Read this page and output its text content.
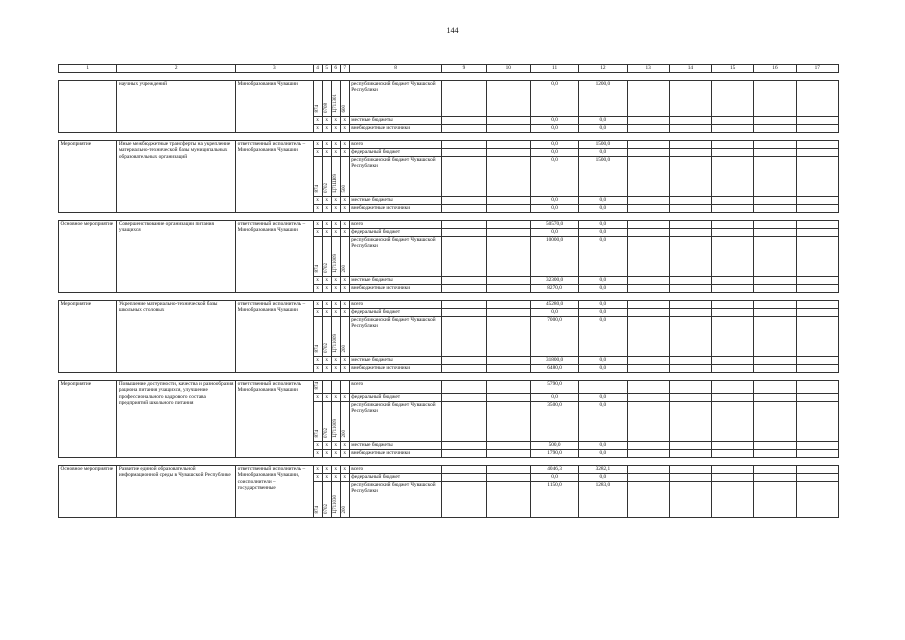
144
1	2	3	4	5	6	7	8	9	10	11	12	13	14	15	16	17

	научных учреждений	Минобразования Чувашии	874	0708	Ц711301	600	республиканский бюджет Чувашской Республики			0,0	1200,0					
			x	x	x	x	местные бюджеты			0,0	0,0					
			x	x	x	x	внебюджетные источники			0,0	0,0					

Мероприятие	Иные межбюджетные трансферты на укрепление материально-технической базы муниципальных образовательных организаций	ответственный исполнитель – Минобразования Чувашии	x	x	x	x	всего			0,0	1500,0					
			x	x	x	x	федеральный бюджет			0,0	0,0					
			874	0702	Ц71Ш09	500	республиканский бюджет Чувашской Республики			0,0	1500,0					
			x	x	x	x	местные бюджеты			0,0	0,0					
			x	x	x	x	внебюджетные источники			0,0	0,0					

Основное мероприятие	Совершенствование организации питания учащихся	ответственный исполнитель – Минобразования Чувашии	x	x	x	x	всего			50570,0	0,0					
			x	x	x	x	федеральный бюджет			0,0	0,0					
			874	0702	Ц711009	200	республиканский бюджет Чувашской Республики			10000,0	0,0					
			x	x	x	x	местные бюджеты			32300,0	0,0					
			x	x	x	x	внебюджетные источники			8270,0	0,0					

Мероприятие	Укрепление материально-технической базы школьных столовых	ответственный исполнитель – Минобразования Чувашии	x	x	x	x	всего			45280,0	0,0					
			x	x	x	x	федеральный бюджет			0,0	0,0					
			874	0702	Ц711009	200	республиканский бюджет Чувашской Республики			7000,0	0,0					
			x	x	x	x	местные бюджеты			31800,0	0,0					
			x	x	x	x	внебюджетные источники			6480,0	0,0					

Мероприятие	Повышение доступности, качества и разнообразия рациона питания учащихся, улучшение профессионального кадрового состава предприятий школьного питания	ответственный исполнитель Минобразования Чувашии	874				всего			5790,0						
			x	x	x	x	федеральный бюджет			0,0	0,0					
			874	0702	Ц711009	200	республиканский бюджет Чувашской Республики			3500,0	0,0					
			x	x	x	x	местные бюджеты			500,0	0,0					
			x	x	x	x	внебюджетные источники			1790,0	0,0					

Основное мероприятие	Развитие единой образовательной информационной среды в Чувашской Республике	ответственный исполнитель – Минобразования Чувашии, соисполнители – государственные	x	x	x	x	всего			4046,3	3282,1					
			x	x	x	x	федеральный бюджет			0,0	0,0					
			874	0702	Ц711030	200	республиканский бюджет Чувашской Республики			1150,0	1283,0					
